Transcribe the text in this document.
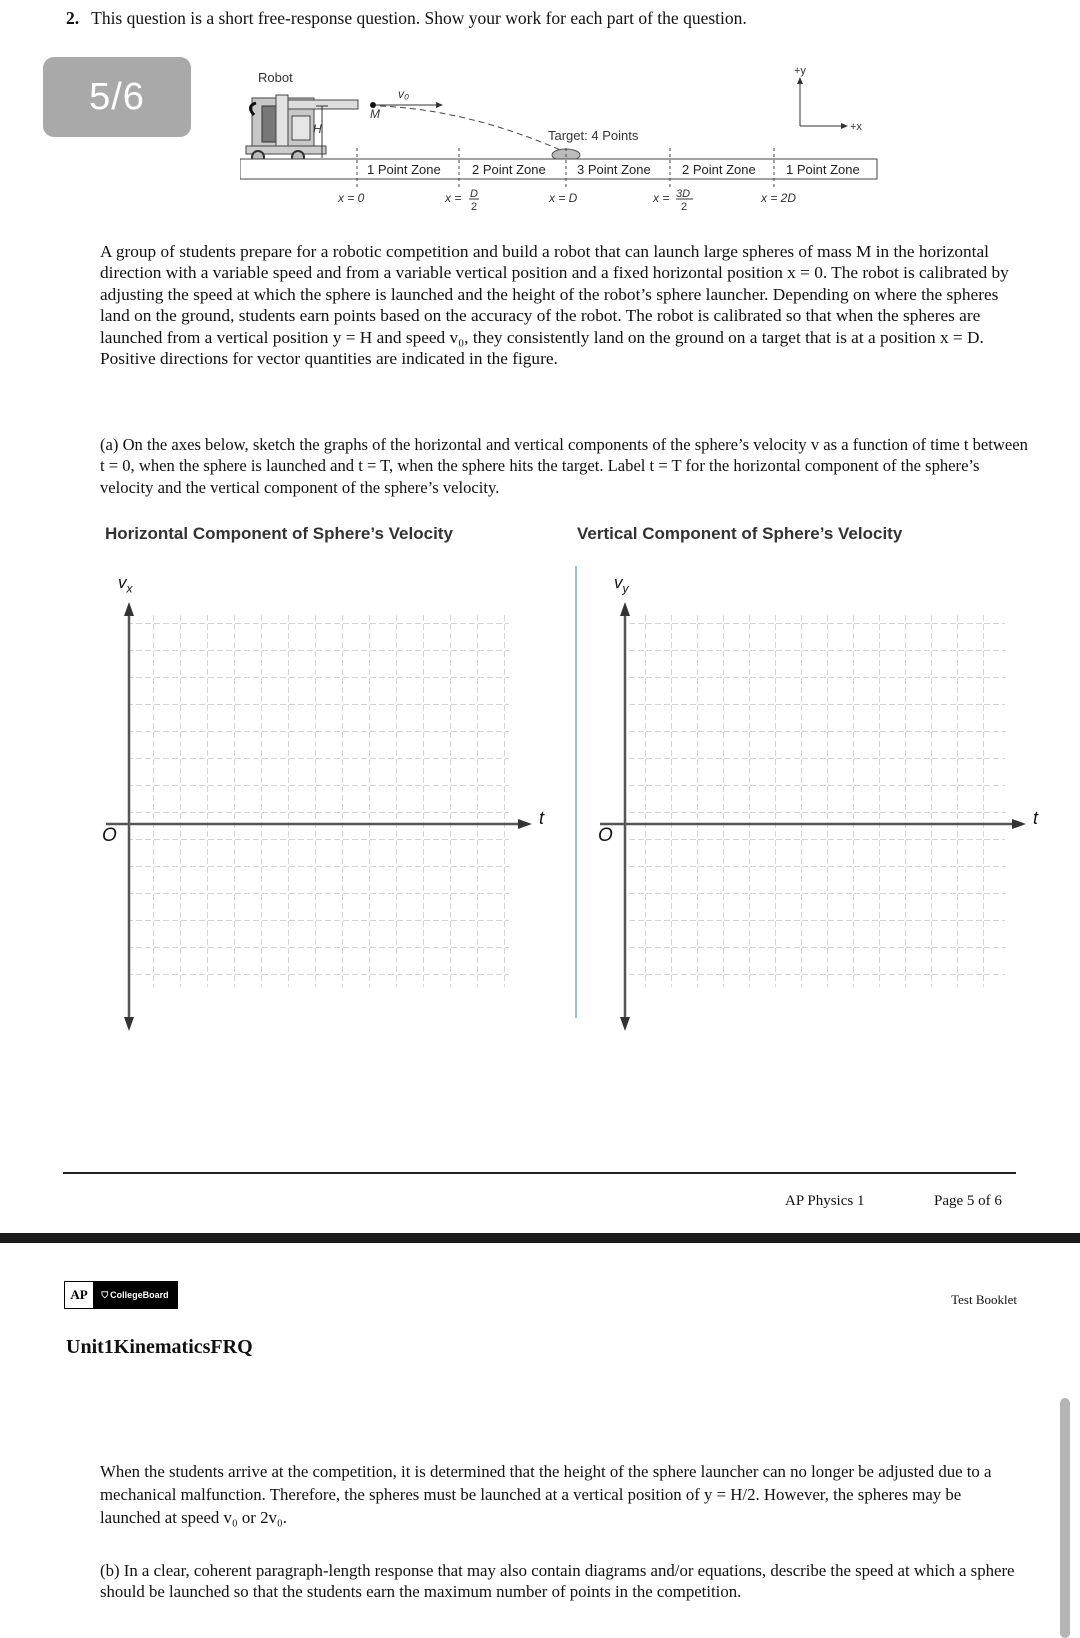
2. This question is a short free-response question. Show your work for each part of the question.
5/6	Robot
H
M
v₀
Target: 4 Points
1 Point Zone 2 Point Zone 3 Point Zone 2 Point Zone 1 Point Zone
x = 0	x = D
2
x = D	x = 3D
2
x = 2D
+y
+x
A group of students prepare for a robotic competition and build a robot that can launch large spheres of mass M in the horizontal direction with a variable speed and from a variable vertical position and a fixed horizontal position x = 0. The robot is calibrated by adjusting the speed at which the sphere is launched and the height of the robot’s sphere launcher. Depending on where the spheres land on the ground, students earn points based on the accuracy of the robot. The robot is calibrated so that when the spheres are launched from a vertical position y = H and speed v₀, they consistently land on the ground on a target that is at a position x = D. Positive directions for vector quantities are indicated in the figure.
(a) On the axes below, sketch the graphs of the horizontal and vertical components of the sphere’s velocity v as a function of time t between t = 0, when the sphere is launched and t = T, when the sphere hits the target. Label t = T for the horizontal component of the sphere’s velocity and the vertical component of the sphere’s velocity.
Horizontal Component of Sphere’s Velocity	Vertical Component of Sphere’s Velocity
$v_x$
t
O
$v_y$
t
O
AP Physics 1	Page 5 of 6
AP	⛉ CollegeBoard	Test Booklet
Unit1KinematicsFRQ
When the students arrive at the competition, it is determined that the height of the sphere launcher can no longer be adjusted due to a mechanical malfunction. Therefore, the spheres must be launched at a vertical position of y = H/2. However, the spheres may be launched at speed v₀ or 2v₀.
(b) In a clear, coherent paragraph-length response that may also contain diagrams and/or equations, describe the speed at which a sphere should be launched so that the students earn the maximum number of points in the competition.
